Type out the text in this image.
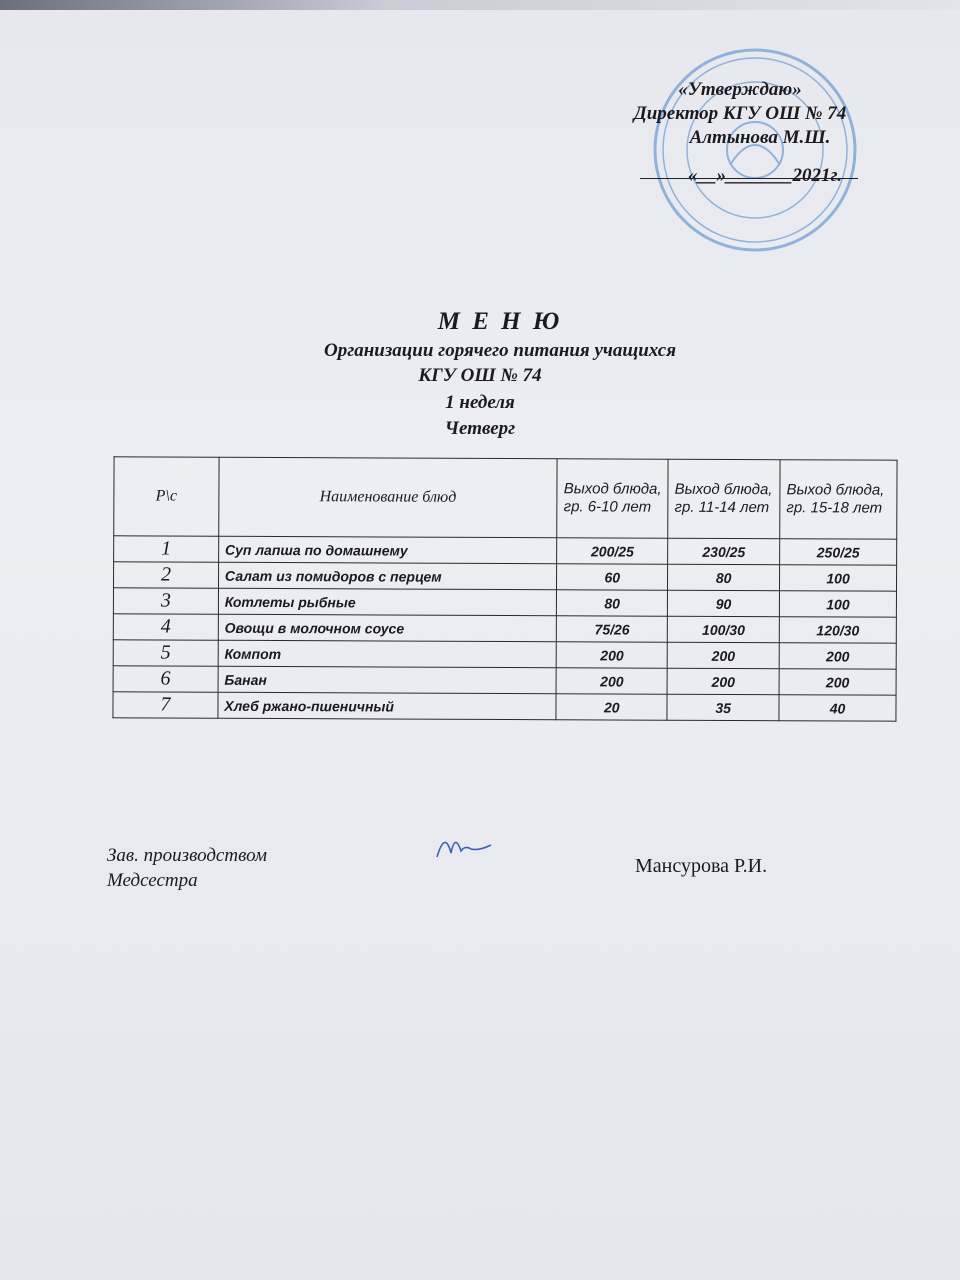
«Утверждаю»
Директор КГУ ОШ № 74
Алтынова М.Ш.
«__»_______2021г.
М Е Н Ю
Организации горячего питания учащихся
КГУ ОШ № 74
1 неделя
Четверг
Р\с	Наименование блюд	Выход блюда, гр. 6-10 лет	Выход блюда, гр. 11-14 лет	Выход блюда, гр. 15-18 лет
1	Суп лапша по домашнему	200/25	230/25	250/25
2	Салат из помидоров с перцем	60	80	100
3	Котлеты рыбные	80	90	100
4	Овощи в молочном соусе	75/26	100/30	120/30
5	Компот	200	200	200
6	Банан	200	200	200
7	Хлеб ржано-пшеничный	20	35	40
Зав. производством
Медсестра
Мансурова Р.И.
